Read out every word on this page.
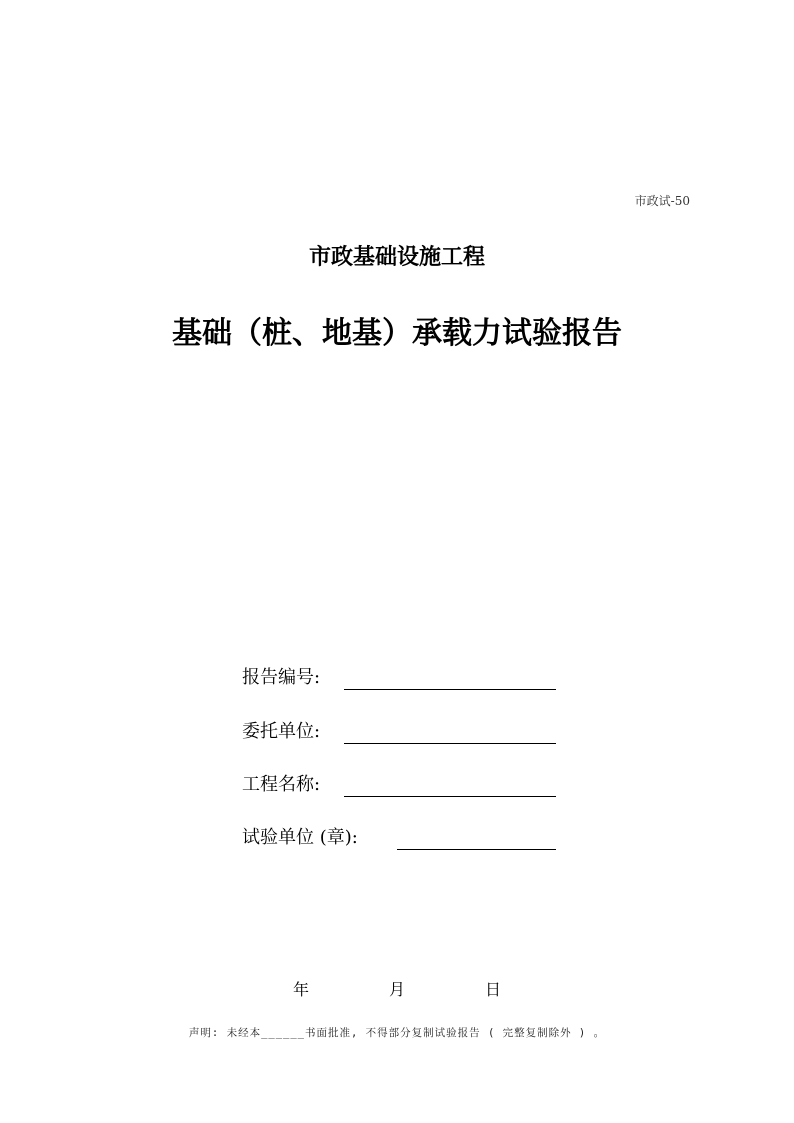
市政试-50
市政基础设施工程
基础（桩、地基）承载力试验报告
报告编号:
委托单位:
工程名称:
试验单位 (章):
年	月	日
声明: 未经本______书面批准, 不得部分复制试验报告 ( 完整复制除外 ) 。
